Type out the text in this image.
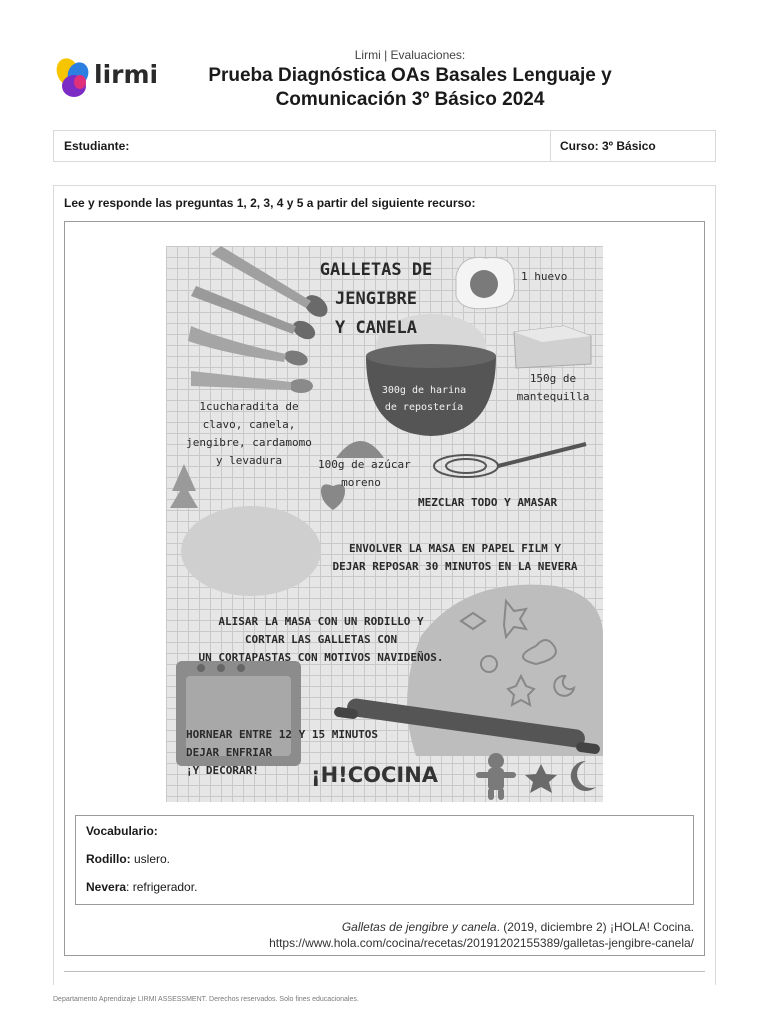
lirmi
Lirmi | Evaluaciones:
Prueba Diagnóstica OAs Basales Lenguaje y
Comunicación 3º Básico 2024
Estudiante:	Curso: 3º Básico
Lee y responde las preguntas 1, 2, 3, 4 y 5 a partir del siguiente recurso:
GALLETAS DE
JENGIBRE
Y CANELA
1 huevo
300g de harina
de repostería
150g de
mantequilla
1cucharadita de
clavo, canela,
jengibre, cardamomo
y levadura	100g de azúcar
moreno
MEZCLAR TODO Y AMASAR
ENVOLVER LA MASA EN PAPEL FILM Y
DEJAR REPOSAR 30 MINUTOS EN LA NEVERA
ALISAR LA MASA CON UN RODILLO Y
CORTAR LAS GALLETAS CON
UN CORTAPASTAS CON MOTIVOS NAVIDEÑOS.
HORNEAR ENTRE 12 Y 15 MINUTOS
DEJAR ENFRIAR
¡Y DECORAR!	¡H!COCINA
Vocabulario:
Rodillo: uslero.
Nevera: refrigerador.
Galletas de jengibre y canela. (2019, diciembre 2) ¡HOLA! Cocina.
https://www.hola.com/cocina/recetas/20191202155389/galletas-jengibre-canela/
Departamento Aprendizaje LIRMI ASSESSMENT. Derechos reservados. Solo fines educacionales.
